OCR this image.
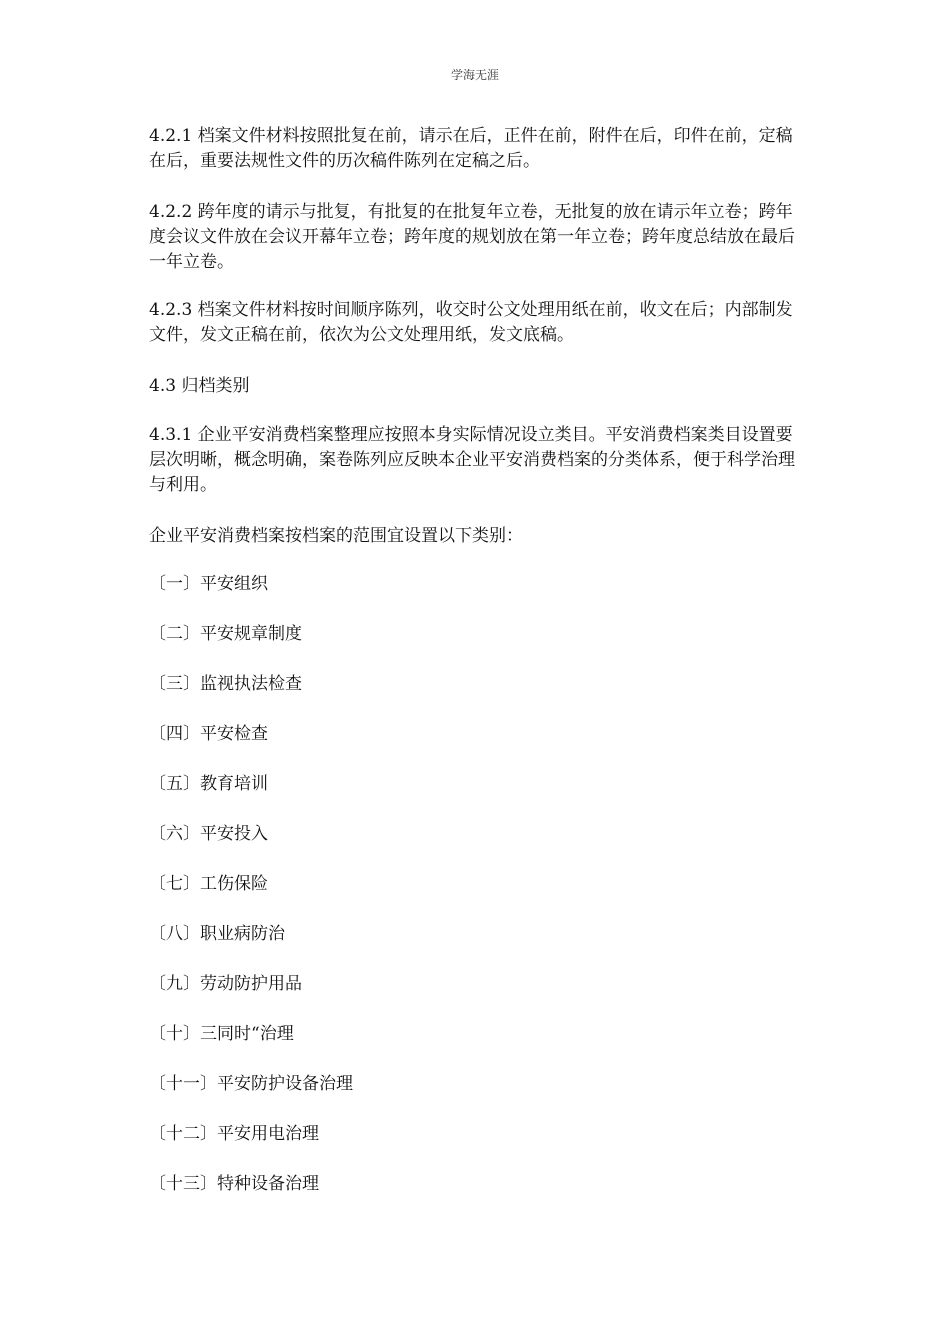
学海无涯

4.2.1 档案文件材料按照批复在前，请示在后，正件在前，附件在后，印件在前，定稿在后，重要法规性文件的历次稿件陈列在定稿之后。

4.2.2 跨年度的请示与批复，有批复的在批复年立卷，无批复的放在请示年立卷；跨年度会议文件放在会议开幕年立卷；跨年度的规划放在第一年立卷；跨年度总结放在最后一年立卷。

4.2.3 档案文件材料按时间顺序陈列，收交时公文处理用纸在前，收文在后；内部制发文件，发文正稿在前，依次为公文处理用纸，发文底稿。

4.3 归档类别

4.3.1 企业平安消费档案整理应按照本身实际情况设立类目。平安消费档案类目设置要层次明晰，概念明确，案卷陈列应反映本企业平安消费档案的分类体系，便于科学治理与利用。

企业平安消费档案按档案的范围宜设置以下类别：

〔一〕平安组织
〔二〕平安规章制度
〔三〕监视执法检查
〔四〕平安检查
〔五〕教育培训
〔六〕平安投入
〔七〕工伤保险
〔八〕职业病防治
〔九〕劳动防护用品
〔十〕三同时“治理
〔十一〕平安防护设备治理
〔十二〕平安用电治理
〔十三〕特种设备治理
